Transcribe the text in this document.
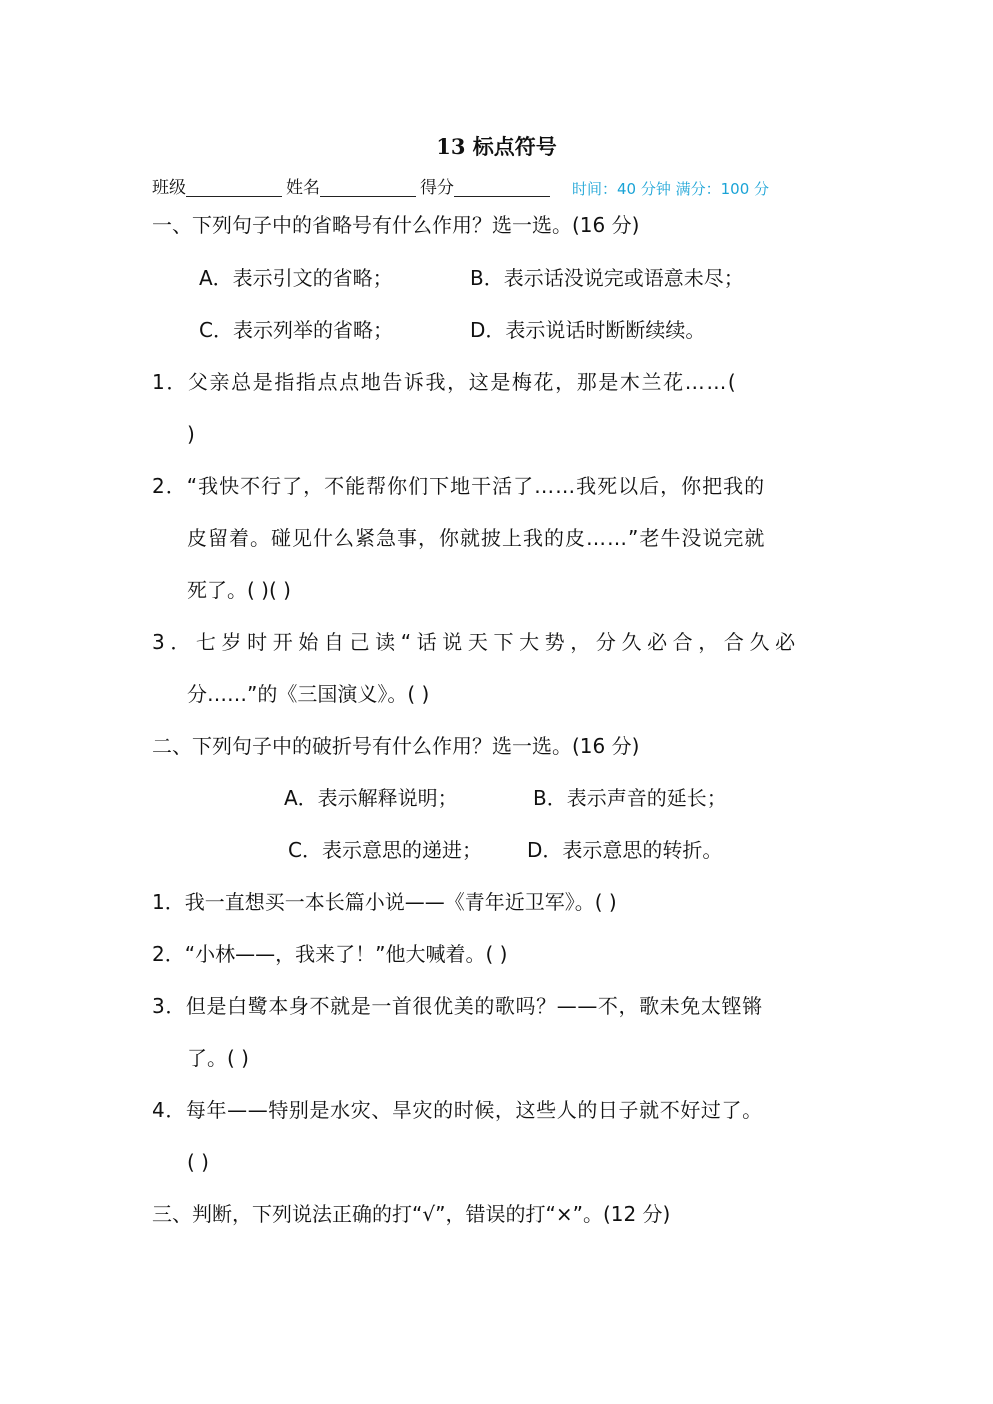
13 标点符号
班级	姓名	得分	时间：40 分钟 满分：100 分
一、下列句子中的省略号有什么作用？选一选。(16 分)
A．表示引文的省略；	B．表示话没说完或语意未尽；
C．表示列举的省略；	D．表示说话时断断续续。
1．父亲总是指指点点地告诉我，这是梅花，那是木兰花……(
)
2．“我快不行了，不能帮你们下地干活了……我死以后，你把我的
皮留着。碰见什么紧急事，你就披上我的皮……”老牛没说完就
死了。( )( )
3．七岁时开始自己读“话说天下大势，分久必合，合久必
分……”的《三国演义》。( )
二、下列句子中的破折号有什么作用？选一选。(16 分)
A．表示解释说明；	B．表示声音的延长；
C．表示意思的递进； D．表示意思的转折。
1．我一直想买一本长篇小说——《青年近卫军》。( )
2．“小林——，我来了！”他大喊着。( )
3．但是白鹭本身不就是一首很优美的歌吗？——不，歌未免太铿锵
了。( )
4．每年——特别是水灾、旱灾的时候，这些人的日子就不好过了。
( )
三、判断，下列说法正确的打“√”，错误的打“×”。(12 分)
